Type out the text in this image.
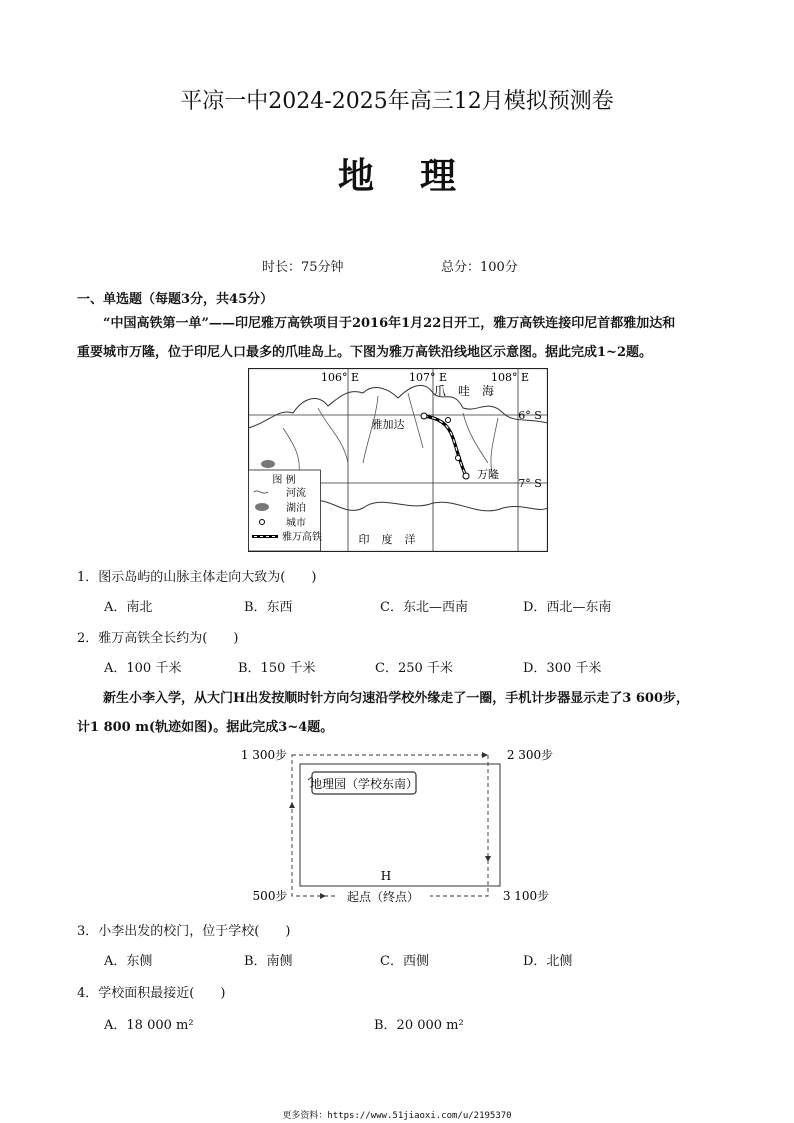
平凉一中2024-2025年高三12月模拟预测卷
地理
时长：75分钟	总分：100分
一、单选题（每题3分，共45分）
“中国高铁第一单”——印尼雅万高铁项目于2016年1月22日开工，雅万高铁连接印尼首都雅加达和
重要城市万隆，位于印尼人口最多的爪哇岛上。下图为雅万高铁沿线地区示意图。据此完成1~2题。
106° E	107° E	108° E
6° S
7° S
爪　哇　海
雅加达
万隆
印度洋
图 例
河流
湖泊
城市
雅万高铁
1．图示岛屿的山脉主体走向大致为(　　)
A．南北	B．东西	C．东北—西南	D．西北—东南
2．雅万高铁全长约为(　　)
A．100 千米	B．150 千米	C．250 千米	D．300 千米
新生小李入学，从大门H出发按顺时针方向匀速沿学校外缘走了一圈，手机计步器显示走了3 600步，
计1 800 m(轨迹如图)。据此完成3~4题。
地理园（学校东南）
H
起点（终点）
1 300步	2 300步
500步	3 100步
3．小李出发的校门，位于学校(　　)
A．东侧	B．南侧	C．西侧	D．北侧
4．学校面积最接近(　　)
A．18 000 m²	B．20 000 m²
更多资料：https://www.51jiaoxi.com/u/2195370
